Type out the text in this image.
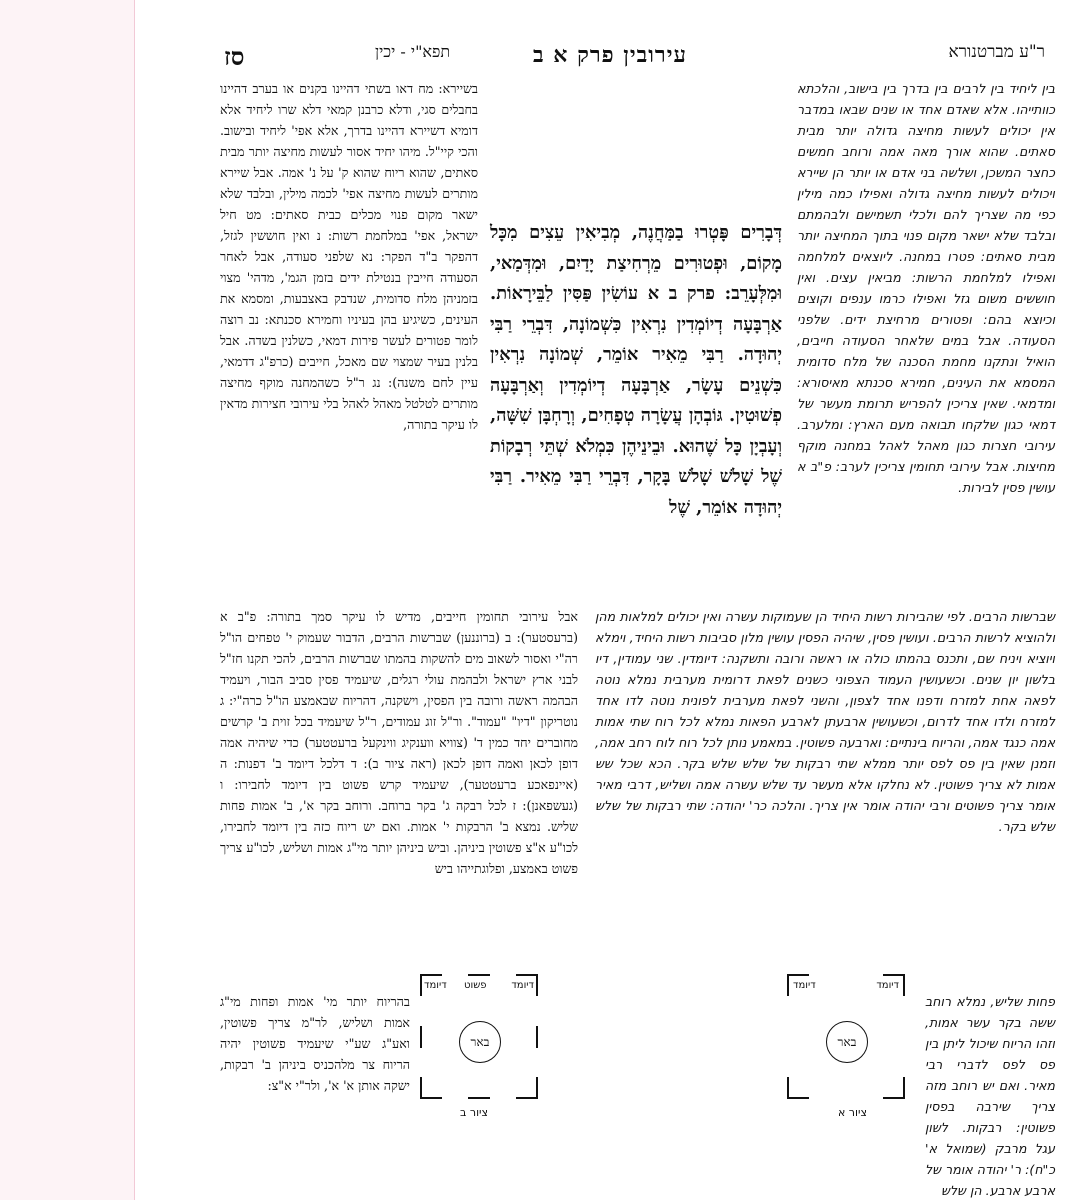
ר"ע מברטנורא
עירובין פרק א ב
תפא"י - יכין
סז
בין ליחיד בין לרבים בין בדרך בין בישוב, והלכתא כוותייהו. אלא שאדם אחד או שנים שבאו במדבר אין יכולים לעשות מחיצה גדולה יותר מבית סאתים. שהוא אורך מאה אמה ורוחב חמשים כחצר המשכן, ושלשה בני אדם או יותר הן שיירא ויכולים לעשות מחיצה גדולה ואפילו כמה מילין כפי מה שצריך להם ולכלי תשמישם ולבהמתם ובלבד שלא ישאר מקום פנוי בתוך המחיצה יותר מבית סאתים: פטרו במחנה. ליוצאים למלחמה ואפילו למלחמת הרשות: מביאין עצים. ואין חוששים משום גזל ואפילו כרמו ענפים וקוצים וכיוצא בהם: ופטורים מרחיצת ידים. שלפני הסעודה. אבל במים שלאחר הסעודה חייבים, הואיל ונתקנו מחמת הסכנה של מלח סדומית המסמא את העינים, חמירא סכנתא מאיסורא: ומדמאי. שאין צריכין להפריש תרומת מעשר של דמאי כגון שלקחו תבואה מעם הארץ: ומלערב. עירובי חצרות כגון מאהל לאהל במחנה מוקף מחיצות. אבל עירובי תחומין צריכין לערב: פ"ב א עושין פסין לבירות.
בשיירא: מח דאו בשתי דהיינו בקנים או בערב דהיינו בחבלים סגי, ודלא כרבנן קמאי דלא שרו ליחיד אלא דומיא דשיירא דהיינו בדרך, אלא אפי' ליחיד ובישוב. והכי קיי"ל. מיהו יחיד אסור לעשות מחיצה יותר מבית סאתים, שהוא ריוח שהוא ק' על נ' אמה. אבל שיירא מותרים לעשות מחיצה אפי' לכמה מילין, ובלבד שלא ישאר מקום פנוי מכלים כבית סאתים: מט חיל ישראל, אפי' במלחמת רשות: נ ואין חוששין לגזל, דהפקר ב"ד הפקר: נא שלפני סעודה, אבל לאחר הסעודה חייבין בנטילת ידים בזמן הגמ', מדהי' מצוי בזמניהן מלח סדומית, שנדבק באצבעות, ומסמא את העינים, כשיגיע בהן בעיניו וחמירא סכנתא: נב רוצה לומר פטורים לעשר פירות דמאי, כשלנין בשדה. אבל בלנין בעיר שמצוי שם מאכל, חייבים (כרפ"ג דדמאי, עיין לחם משנה): נג ר"ל כשהמחנה מוקף מחיצה מותרים לטלטל מאהל לאהל בלי עירובי חצירות מדאין לו עיקר בתורה,
דְּבָרִים פָּטְרוּ בַמַּחֲנֶה, מְבִיאִין עֵצִים מִכָּל מָקוֹם, וּפְטוּרִים מֵרְחִיצַת יָדַיִם, וּמִדְּמַאי, וּמִלְּעָרֵב: פרק ב א עוֹשִׂין פַּסִּין לַבֵּירָאוֹת. אַרְבָּעָה דְיוֹמְדִין נִרְאִין כִּשְׁמוֹנָה, דִּבְרֵי רַבִּי יְהוּדָה. רַבִּי מֵאִיר אוֹמֵר, שְׁמוֹנָה נִרְאִין כִּשְׁנֵים עָשָׂר, אַרְבָּעָה דְיוֹמְדִין וְאַרְבָּעָה פְשׁוּטִין. גּוֹבְהָן עֲשָׂרָה טְפָחִים, וְרָחְבָּן שִׁשָּׁה, וְעָבְיָן כָּל שֶׁהוּא. וּבֵינֵיהֶן כִּמְלֹא שְׁתֵּי רְבָקוֹת שֶׁל שָׁלֹשׁ שָׁלֹשׁ בָּקָר, דִּבְרֵי רַבִּי מֵאִיר. רַבִּי יְהוּדָה אוֹמֵר, שֶׁל
שברשות הרבים. לפי שהבירות רשות היחיד הן שעמוקות עשרה ואין יכולים למלאות מהן ולהוציא לרשות הרבים. ועושין פסין, שיהיה הפסין עושין מלון סביבות רשות היחיד, וימלא ויוציא ויניח שם, ותכנס בהמתו כולה או ראשה ורובה ותשקנה: דיומדין. שני עמודין, דיו בלשון יון שנים. וכשעושין העמוד הצפוני כשנים לפאת דרומית מערבית נמלא נוטה לפאה אחת למזרח ודפנו אחד לצפון, והשני לפאת מערבית לפונית נוטה לדו אחד למזרח ולדו אחד לדרום, וכשעושין ארבעתן לארבע הפאות נמלא לכל רוח שתי אמות אמה כנגד אמה, והריוח בינתיים: וארבעה פשוטין. במאמע נותן לכל רוח לוח רחב אמה, וזמנן שאין בין פס לפס יותר ממלא שתי רבקות של שלש שלש בקר. הכא שכל שש אמות לא צריך פשוטין. לא נחלקו אלא מעשר עד שלש עשרה אמה ושליש, דרבי מאיר אומר צריך פשוטים ורבי יהודה אומר אין צריך. והלכה כר' יהודה: שתי רבקות של שלש שלש בקר.
אבל עירובי תחומין חייבים, מדיש לו עיקר סמך בתורה: פ"ב א (ברעסטער): ב (ברוננען) שברשות הרבים, הדבור שעמוק י' טפחים הו"ל רה"י ואסור לשאוב מים להשקות בהמתו שברשות הרבים, להכי תקנו חז"ל לבני ארץ ישראל ולבהמת עולי רגלים, שיעמיד פסין סביב הבור, ויעמיד הבהמה ראשה ורובה בין הפסין, וישקנה, דהריוח שבאמצע הו"ל כרה"י: ג נוטריקון "דיו" "עמוד". ור"ל זוג עמודים, ר"ל שיעמיד בכל זוית ב' קרשים מחוברים יחד כמין ד' (צוויא ווענקיג ווינקעל ברעטטער) כדי שיהיה אמה דופן לכאן ואמה דופן לכאן (ראה ציור ב): ד דלכל דיומד ב' דפנות: ה (איינפאכע ברעטטער), שיעמיד קרש פשוט בין דיומד לחבירו: ו (געשפאנן): ז לכל רבקה ג' בקר ברוחב. ורוחב בקר א', ב' אמות פחות שליש. נמצא ב' הרבקות י' אמות. ואם יש ריוח כזה בין דיומד לחבירו, לכו"ע א"צ פשוטין ביניהן. וביש ביניהן יותר מי"ג אמות ושליש, לכו"ע צריך פשוט באמצע, ופלוגתייהו ביש
פחות שליש, נמלא רוחב ששה בקר עשר אמות, וזהו הריוח שיכול ליתן בין פס לפס לדברי רבי מאיר. ואם יש רוחב מזה צריך שירבה בפסין פשוטין: רבקות. לשון עגל מרבק (שמואל א' כ"ח): ר' יהודה אומר של ארבע ארבע. הן שלש
בהריוח יותר מי' אמות ופחות מי"ג אמות ושליש, לר"מ צריך פשוטין, ואע"ג שע"י שיעמיד פשוטין יהיה הריוח צר מלהכניס ביניהן ב' רבקות, ישקה אותן א' א', ולר"י א"צ:
דיומד
דיומד
באר
ציור א
דיומד
פשוט
דיומד
באר
ציור ב
